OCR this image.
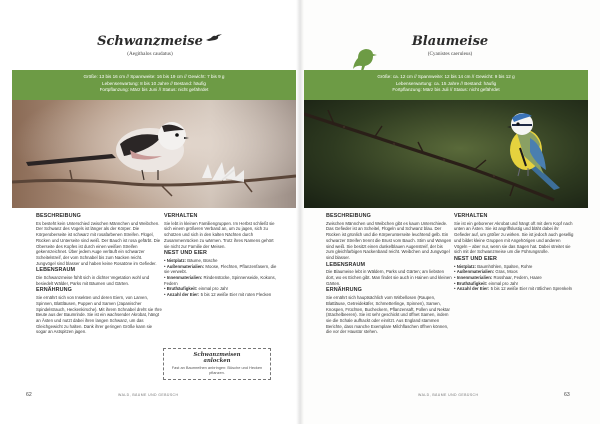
Schwanzmeise
(Aegithalos caudatus)
Größe: 13 bis 16 cm // Spannweite: 16 bis 19 cm // Gewicht: 7 bis 9 g
Lebenserwartung: 8 bis 10 Jahre // Bestand: häufig
Fortpflanzung: März bis Juni // Status: nicht gefährdet
BESCHREIBUNG
Es besteht kein Unterschied zwischen Männchen und Weibchen. Der Schwanz des Vogels ist länger als der Körper. Die Körperoberseite ist schwarz mit rosafarbenen Streifen. Flügel, Rücken und Unterseite sind weiß. Der Bauch ist rosa gefärbt. Die Oberseite des Kopfes ist durch einen weißen Streifen gekennzeichnet. Über jedem Auge verläuft ein schwarzer Scheitelstreif, der vom Schnabel bis zum Nacken reicht. Jungvögel sind blasser und haben keine Rosatöne im Gefieder.
LEBENSRAUM
Die Schwanzmeise fühlt sich in dichter Vegetation wohl und besiedelt Wälder, Parks mit Bäumen und Gärten.
ERNÄHRUNG
Sie ernährt sich von Insekten und deren Eiern, von Larven, Spinnen, Blattläusen, Puppen und Samen (Japanischer Spindelstrauch, Heckenkirsche). Mit ihrem Schnabel dreht sie Ihre Beute aus der Baumrinde. Sie ist ein wachsender Akrobat, hängt an Ästen und nutzt dabei ihren langen Schwanz, um das Gleichgewicht zu halten. Dank ihrer geringen Größe kann sie sogar an Astspitzen jagen.
VERHALTEN
Sie lebt in kleinen Familiengruppen. Im Herbst schließt sie sich einem größeren Verband an, um zu jagen, sich zu schützen und sich in den kalten Nächten durch Zusammenrücken zu wärmen. Trotz ihres Namens gehört sie nicht zur Familie der Meisen.
NEST UND EIER
• Nistplatz: Bäume, Büsche
• Außenmaterialien: Moose, Flechten, Pflanzenfasern, die sie verwebt.
• Innenmaterialien: Rindenstücke, Spinnenseide, Kokons, Federn
• Bruthäufigkeit: einmal pro Jahr
• Anzahl der Eier: 5 bis 12 weiße Eier mit roten Flecken
Schwanzmeisen
anlocken
Fast an Baumreihen anbringen: Büsche und Hecken pflanzen.
62	WALD, BÄUME UND GEBÜSCH
Blaumeise
(Cyanistes caeruleus)
Größe: ca. 12 cm // Spannweite: 12 bis 14 cm // Gewicht: 9 bis 12 g
Lebenserwartung: ca. 15 Jahre // Bestand: häufig
Fortpflanzung: März bis Juli // Status: nicht gefährdet
BESCHREIBUNG
Zwischen Männchen und Weibchen gibt es kaum Unterschiede. Das Gefieder ist an Scheitel, Flügeln und Schwanz blau. Der Rücken ist grünlich und die Körperunterseite leuchtend gelb. Ein schwarzer Streifen trennt die Brust vom Bauch. Stirn und Wangen sind weiß. Sie besitzt einen dunkelblauen Augenstreif, der bis zum gleichfarbigen Nackenband reicht. Weibchen und Jungvögel sind blasser.
LEBENSRAUM
Die Blaumeise lebt in Wäldern, Parks und Gärten; am liebsten dort, wo es Eichen gibt. Man findet sie auch in Hainen und kleinen Gärten.
ERNÄHRUNG
Sie ernährt sich hauptsächlich vom Wirbellosen (Raupen, Blattläuse, Getreidekäfer, Schmetterlinge, Spinnen), Samen, Knospen, Früchten, Bucheckern, Pflanzensaft, Pollen und Nektar (Stachelbeeren). Sie ist sehr geschickt und öffnet Samen, indem sie die Schale aufhackt oder einritzt. Aus England stammen Berichte, dass manche Exemplare Milchflaschen öffnen können, die vor der Haustür stehen.
VERHALTEN
Sie ist ein geborener Akrobat und hängt oft mit dem Kopf nach unten an Ästen. Sie ist angriffslustig und bläht dabei ihr Gefieder auf, um größer zu wirken. Sie ist jedoch auch gesellig und bildet kleine Gruppen mit Angehörigen und anderen Vögeln – aber nur, wenn sie das Sagen hat. Dabei streitet sie sich mit der Schwanzmeise um die Führungsrolle.
NEST UND EIER
• Nistplatz: Baumhöhlen, Spalten, Rohre
• Außenmaterialien: Gras, Moos
• Innenmaterialien: Rosshaar, Federn, Haare
• Bruthäufigkeit: einmal pro Jahr
• Anzahl der Eier: 5 bis 12 weiße Eier mit rötlichen Sprenkeln
WALD, BÄUME UND GEBÜSCH	63
